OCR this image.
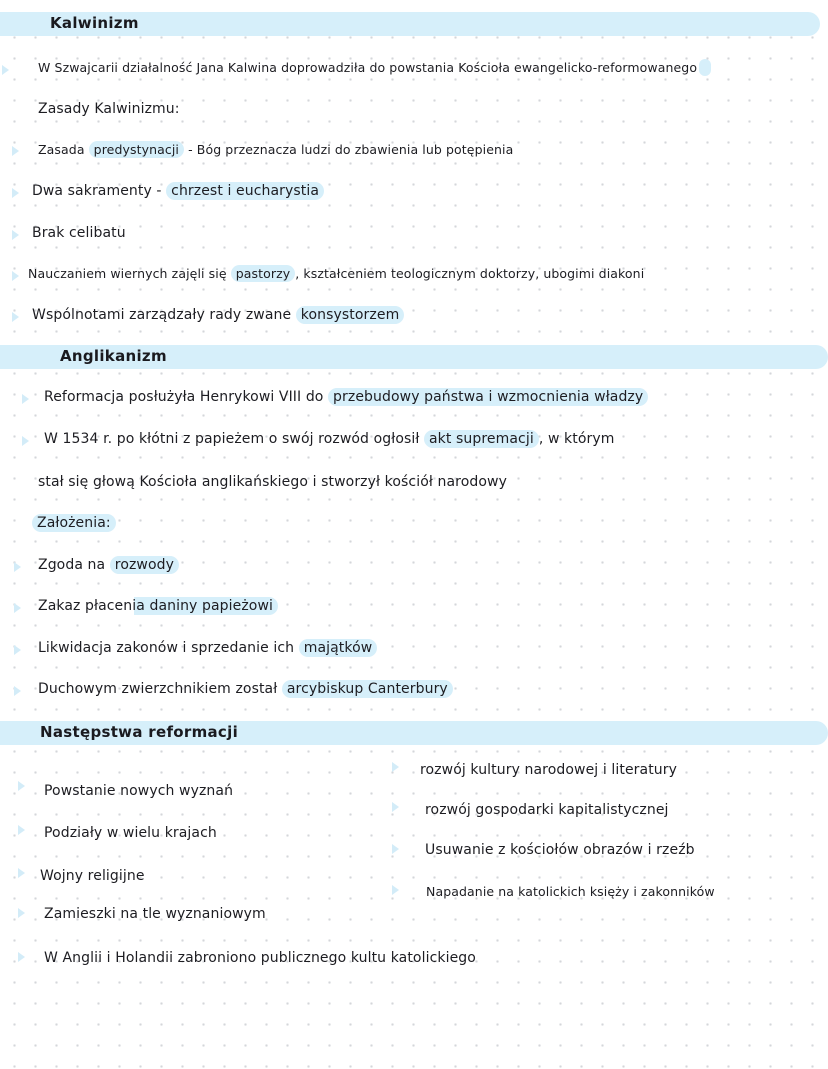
Kalwinizm
W Szwajcarii działalność Jana Kalwina doprowadziła do powstania Kościoła ewangelicko-reformowanego
Zasady Kalwinizmu:
Zasada predystynacji - Bóg przeznacza ludzi do zbawienia lub potępienia
Dwa sakramenty - chrzest i eucharystia
Brak celibatu
Nauczaniem wiernych zajęli się pastorzy , kształceniem teologicznym doktorzy, ubogimi diakoni
Wspólnotami zarządzały rady zwane konsystorzem
Anglikanizm
Reformacja posłużyła Henrykowi VIII do przebudowy państwa i wzmocnienia władzy
W 1534 r. po kłótni z papieżem o swój rozwód ogłosił akt supremacji , w którym
stał się głową Kościoła anglikańskiego i stworzył kościół narodowy
Założenia:
Zgoda na rozwody
Zakaz płacenia daniny papieżowi
Likwidacja zakonów i sprzedanie ich majątków
Duchowym zwierzchnikiem został arcybiskup Canterbury
Następstwa reformacji
Powstanie nowych wyznań
Podziały w wielu krajach
Wojny religijne
Zamieszki na tle wyznaniowym
rozwój kultury narodowej i literatury
rozwój gospodarki kapitalistycznej
Usuwanie z kościołów obrazów i rzeźb
Napadanie na katolickich księży i zakonników
W Anglii i Holandii zabroniono publicznego kultu katolickiego
